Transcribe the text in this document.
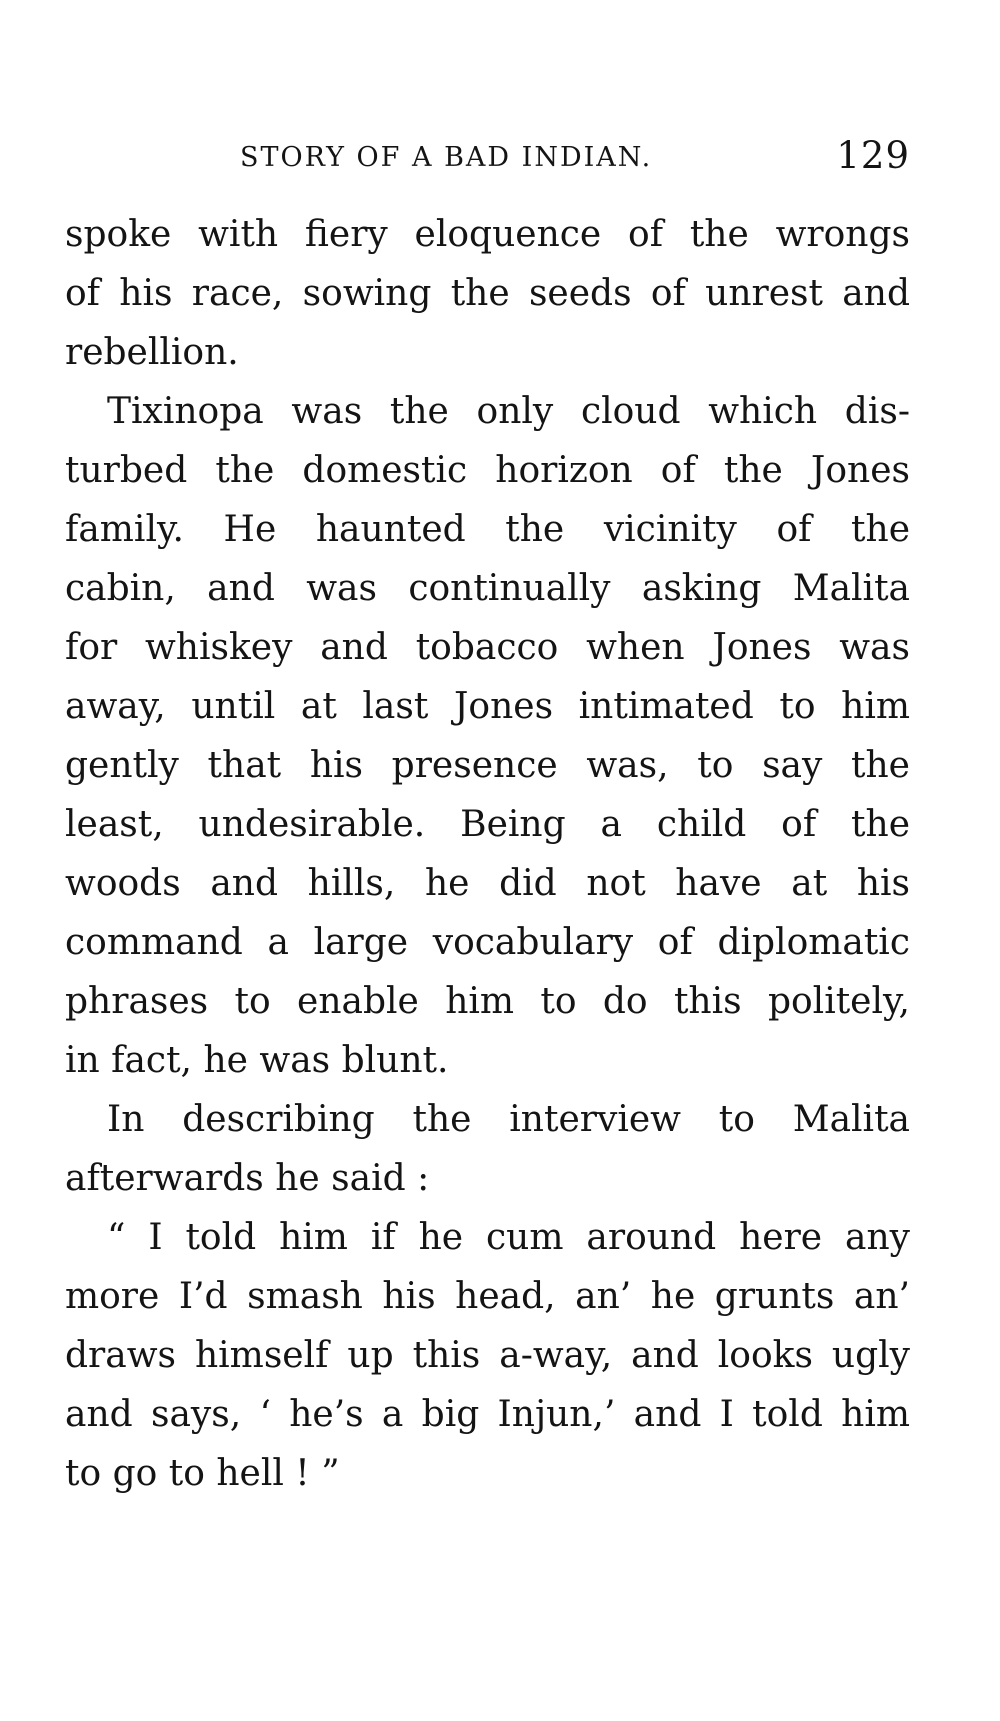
STORY OF A BAD INDIAN.	129
spoke with fiery eloquence of the wrongs
of his race, sowing the seeds of unrest and
rebellion.
Tixinopa was the only cloud which dis-
turbed the domestic horizon of the Jones
family. He haunted the vicinity of the
cabin, and was continually asking Malita
for whiskey and tobacco when Jones was
away, until at last Jones intimated to him
gently that his presence was, to say the
least, undesirable. Being a child of the
woods and hills, he did not have at his
command a large vocabulary of diplomatic
phrases to enable him to do this politely,
in fact, he was blunt.
In describing the interview to Malita
afterwards he said :
“ I told him if he cum around here any
more I’d smash his head, an’ he grunts an’
draws himself up this a-way, and looks ugly
and says, ‘ he’s a big Injun,’ and I told him
to go to hell ! ”
